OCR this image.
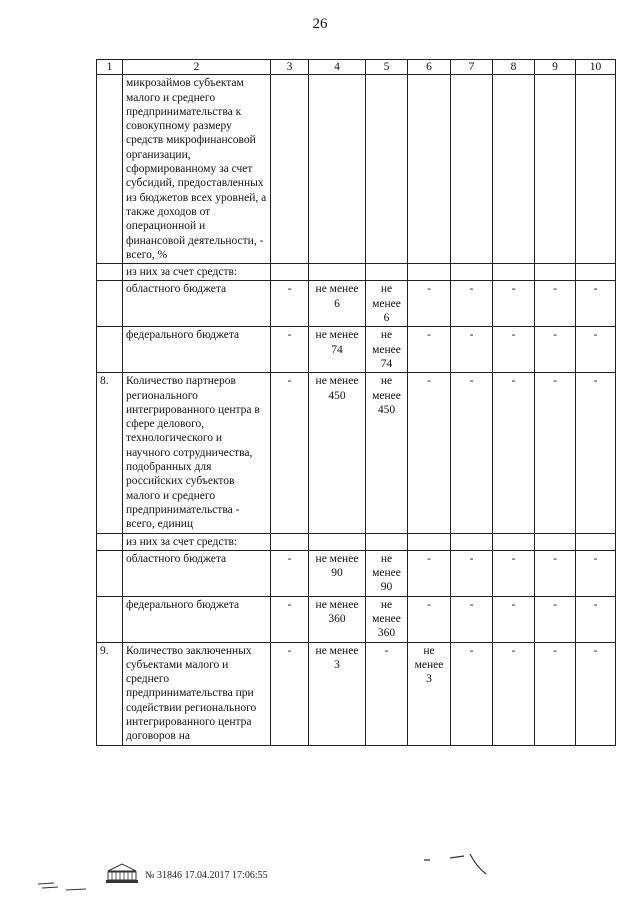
26
1	2	3	4	5	6	7	8	9	10
	микрозаймов субъектам малого и среднего предпринимательства к совокупному размеру средств микрофинансовой организации, сформированному за счет субсидий, предоставленных из бюджетов всех уровней, а также доходов от операционной и финансовой деятельности, - всего, %								
	из них за счет средств:								
	областного бюджета	-	не менее 6	не менее 6	-	-	-	-	-
	федерального бюджета	-	не менее 74	не менее 74	-	-	-	-	-
8.	Количество партнеров регионального интегрированного центра в сфере делового, технологического и научного сотрудничества, подобранных для российских субъектов малого и среднего предпринимательства - всего, единиц	-	не менее 450	не менее 450	-	-	-	-	-
	из них за счет средств:								
	областного бюджета	-	не менее 90	не менее 90	-	-	-	-	-
	федерального бюджета	-	не менее 360	не менее 360	-	-	-	-	-
9.	Количество заключенных субъектами малого и среднего предпринимательства при содействии регионального интегрированного центра договоров на	-	не менее 3	-	не менее 3	-	-	-	-
№ 31846 17.04.2017 17:06:55
